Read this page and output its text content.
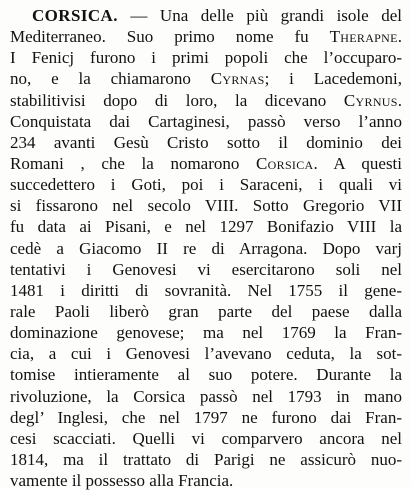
CORSICA. — Una delle più grandi isole del
Mediterraneo. Suo primo nome fu Therapne.
I Fenicj furono i primi popoli che l’occuparo-
no, e la chiamarono Cyrnas; i Lacedemoni,
stabilitivisi dopo di loro, la dicevano Cyrnus.
Conquistata dai Cartaginesi, passò verso l’anno
234 avanti Gesù Cristo sotto il dominio dei
Romani , che la nomarono Corsica. A questi
succedettero i Goti, poi i Saraceni, i quali vi
si fissarono nel secolo VIII. Sotto Gregorio VII
fu data ai Pisani, e nel 1297 Bonifazio VIII la
cedè a Giacomo II re di Arragona. Dopo varj
tentativi i Genovesi vi esercitarono soli nel
1481 i diritti di sovranità. Nel 1755 il gene-
rale Paoli liberò gran parte del paese dalla
dominazione genovese; ma nel 1769 la Fran-
cia, a cui i Genovesi l’avevano ceduta, la sot-
tomise intieramente al suo potere. Durante la
rivoluzione, la Corsica passò nel 1793 in mano
degl’ Inglesi, che nel 1797 ne furono dai Fran-
cesi scacciati. Quelli vi comparvero ancora nel
1814, ma il trattato di Parigi ne assicurò nuo-
vamente il possesso alla Francia.
